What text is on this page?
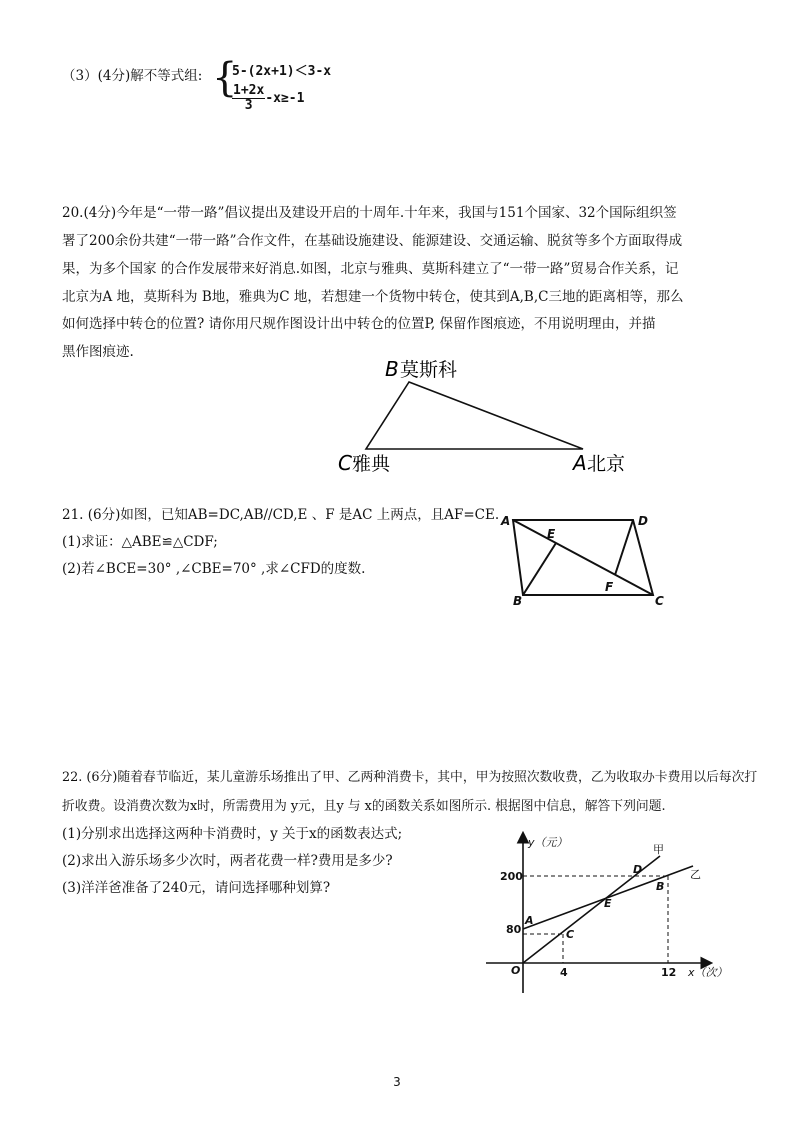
（3）(4分)解不等式组: {
5-(2x+1)＜3-x
$\frac{1+2x}{3} -x\ge-1$
20.(4分)今年是“一带一路”倡议提出及建设开启的十周年.十年来，我国与151个国家、32个国际组织签
署了200余份共建“一带一路”合作文件，在基础设施建设、能源建设、交通运输、脱贫等多个方面取得成
果，为多个国家 的合作发展带来好消息.如图，北京与雅典、莫斯科建立了“一带一路”贸易合作关系，记
北京为A 地，莫斯科为 B地，雅典为C 地，若想建一个货物中转仓，使其到A,B,C三地的距离相等，那么
如何选择中转仓的位置? 请你用尺规作图设计出中转仓的位置P, 保留作图痕迹，不用说明理由，并描
黑作图痕迹.
B 莫斯科
C 雅典	A 北京
21. (6分)如图，已知AB=DC,AB//CD,E 、F 是AC 上两点，且AF=CE.
(1)求证：△ABE≌△CDF;
(2)若∠BCE=30° ,∠CBE=70° ,求∠CFD的度数.
A	D
E
F
B	C
22. (6分)随着春节临近，某儿童游乐场推出了甲、乙两种消费卡，其中，甲为按照次数收费，乙为收取办卡费用以后每次打
折收费。设消费次数为x时，所需费用为 y元，且y 与 x的函数关系如图所示. 根据图中信息，解答下列问题.
(1)分别求出选择这两种卡消费时，y 关于x的函数表达式;
(2)求出入游乐场多少次时，两者花费一样?费用是多少?
(3)洋洋爸准备了240元，请问选择哪种划算?
y（元）
x（次）
200
80
4	12
O
甲
乙
A
B
C
D
E
3
